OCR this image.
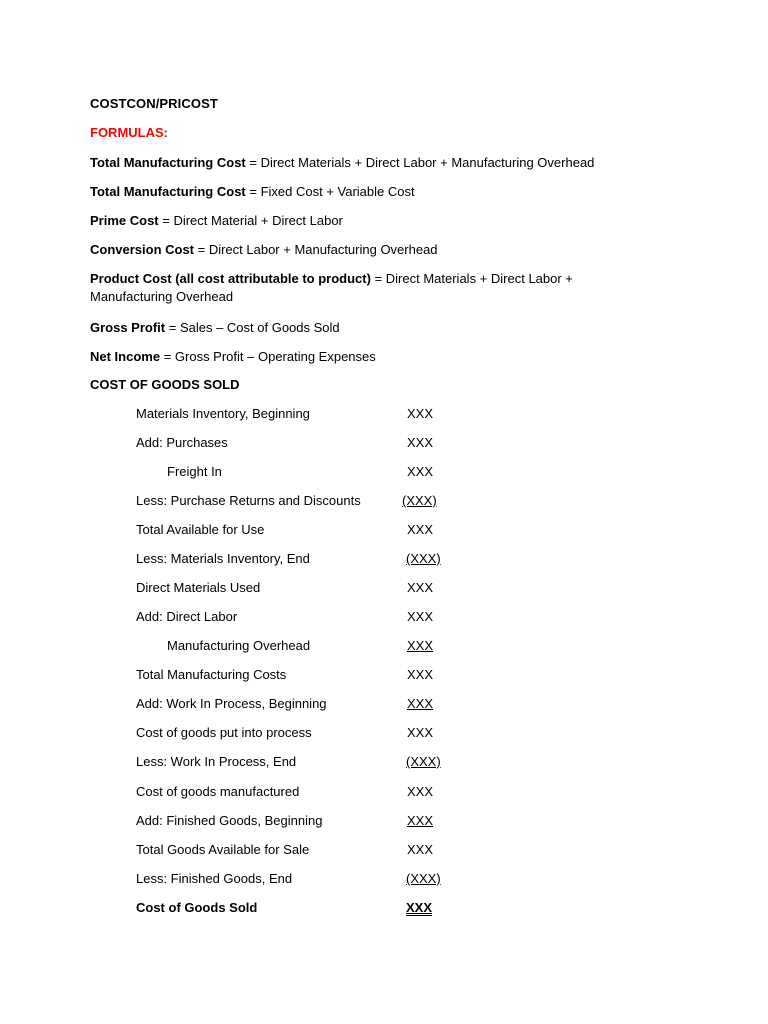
COSTCON/PRICOST
FORMULAS:
Total Manufacturing Cost = Direct Materials + Direct Labor + Manufacturing Overhead
Total Manufacturing Cost = Fixed Cost + Variable Cost
Prime Cost = Direct Material + Direct Labor
Conversion Cost = Direct Labor + Manufacturing Overhead
Product Cost (all cost attributable to product) = Direct Materials + Direct Labor + Manufacturing Overhead
Gross Profit = Sales – Cost of Goods Sold
Net Income = Gross Profit – Operating Expenses
COST OF GOODS SOLD
Materials Inventory, Beginning	XXX
Add: Purchases	XXX
Freight In	XXX
Less: Purchase Returns and Discounts	(XXX)
Total Available for Use	XXX
Less: Materials Inventory, End	(XXX)
Direct Materials Used	XXX
Add: Direct Labor	XXX
Manufacturing Overhead	XXX
Total Manufacturing Costs	XXX
Add: Work In Process, Beginning	XXX
Cost of goods put into process	XXX
Less: Work In Process, End	(XXX)
Cost of goods manufactured	XXX
Add: Finished Goods, Beginning	XXX
Total Goods Available for Sale	XXX
Less: Finished Goods, End	(XXX)
Cost of Goods Sold	XXX
